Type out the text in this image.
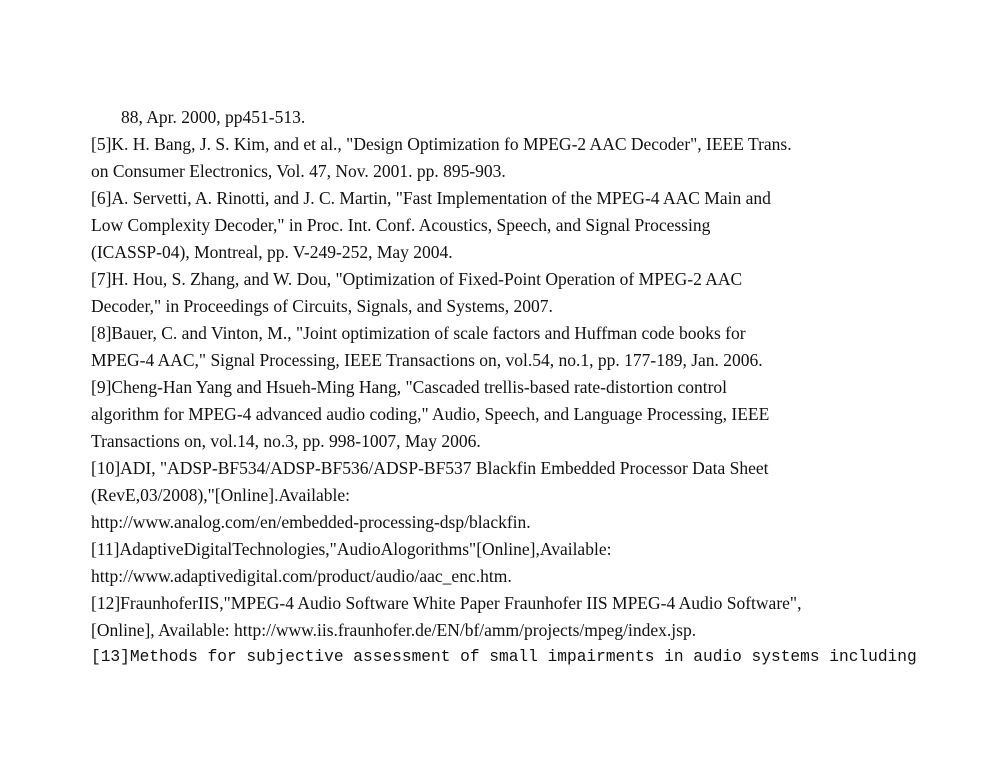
88, Apr. 2000, pp451-513.

[5]K. H. Bang, J. S. Kim, and et al., "Design Optimization fo MPEG-2 AAC Decoder", IEEE Trans.
on Consumer Electronics, Vol. 47, Nov. 2001. pp. 895-903.

[6]A. Servetti, A. Rinotti, and J. C. Martin, "Fast Implementation of the MPEG-4 AAC Main and
Low Complexity Decoder," in Proc. Int. Conf. Acoustics, Speech, and Signal Processing
(ICASSP-04), Montreal, pp. V-249-252, May 2004.

[7]H. Hou, S. Zhang, and W. Dou, "Optimization of Fixed-Point Operation of MPEG-2 AAC
Decoder," in Proceedings of Circuits, Signals, and Systems, 2007.

[8]Bauer, C. and Vinton, M., "Joint optimization of scale factors and Huffman code books for
MPEG-4 AAC," Signal Processing, IEEE Transactions on, vol.54, no.1, pp. 177-189, Jan. 2006.

[9]Cheng-Han Yang and Hsueh-Ming Hang, "Cascaded trellis-based rate-distortion control
algorithm for MPEG-4 advanced audio coding," Audio, Speech, and Language Processing, IEEE
Transactions on, vol.14, no.3, pp. 998-1007, May 2006.

[10]ADI, "ADSP-BF534/ADSP-BF536/ADSP-BF537 Blackfin Embedded Processor Data Sheet
(RevE,03/2008),"[Online].Available:
http://www.analog.com/en/embedded-processing-dsp/blackfin.

[11]AdaptiveDigitalTechnologies,"AudioAlogorithms"[Online],Available:
http://www.adaptivedigital.com/product/audio/aac_enc.htm.

[12]FraunhoferIIS,"MPEG-4 Audio Software White Paper Fraunhofer IIS MPEG-4 Audio Software",
[Online], Available: http://www.iis.fraunhofer.de/EN/bf/amm/projects/mpeg/index.jsp.

[13]Methods for subjective assessment of small impairments in audio systems including
